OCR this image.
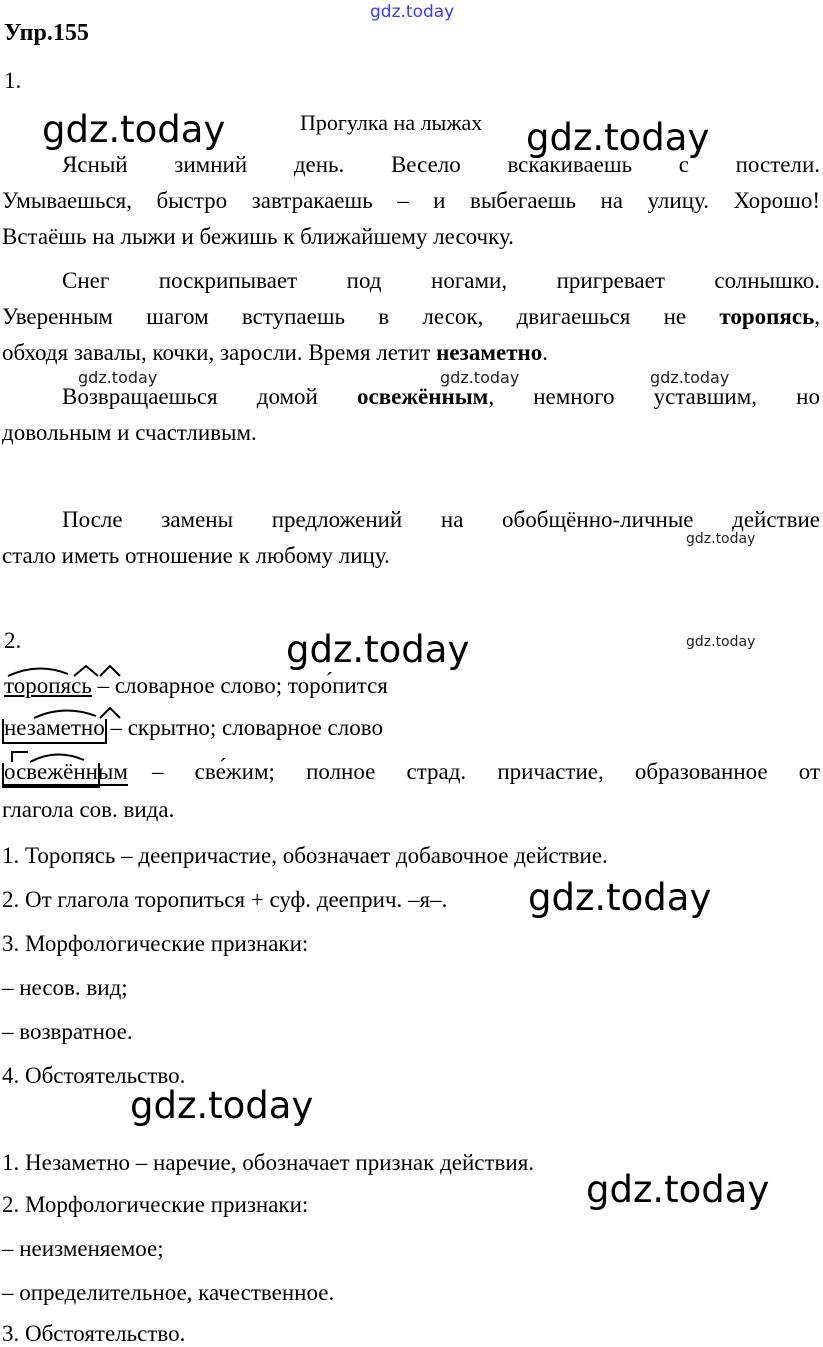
gdz.today
Упр.155
1.
Прогулка на лыжах
Ясный зимний день. Весело вскакиваешь с постели.
Умываешься, быстро завтракаешь – и выбегаешь на улицу. Хорошо!
Встаёшь на лыжи и бежишь к ближайшему лесочку.
Снег поскрипывает под ногами, пригревает солнышко.
Уверенным шагом вступаешь в лесок, двигаешься не торопясь,
обходя завалы, кочки, заросли. Время летит незаметно.
Возвращаешься домой освежённым, немного уставшим, но
довольным и счастливым.
После замены предложений на обобщённо-личные действие
стало иметь отношение к любому лицу.
2.
торопясь – словарное слово; торо́пится
незаметно – скрытно; словарное слово
освежённым – све́жим; полное страд. причастие, образованное от
глагола сов. вида.
1. Торопясь – деепричастие, обозначает добавочное действие.
2. От глагола торопиться + суф. дееприч. –я–.
3. Морфологические признаки:
– несов. вид;
– возвратное.
4. Обстоятельство.
1. Незаметно – наречие, обозначает признак действия.
2. Морфологические признаки:
– неизменяемое;
– определительное, качественное.
3. Обстоятельство.
gdz.today	gdz.today
gdz.today	gdz.today	gdz.today
gdz.today
gdz.today	gdz.today
gdz.today
gdz.today
gdz.today
